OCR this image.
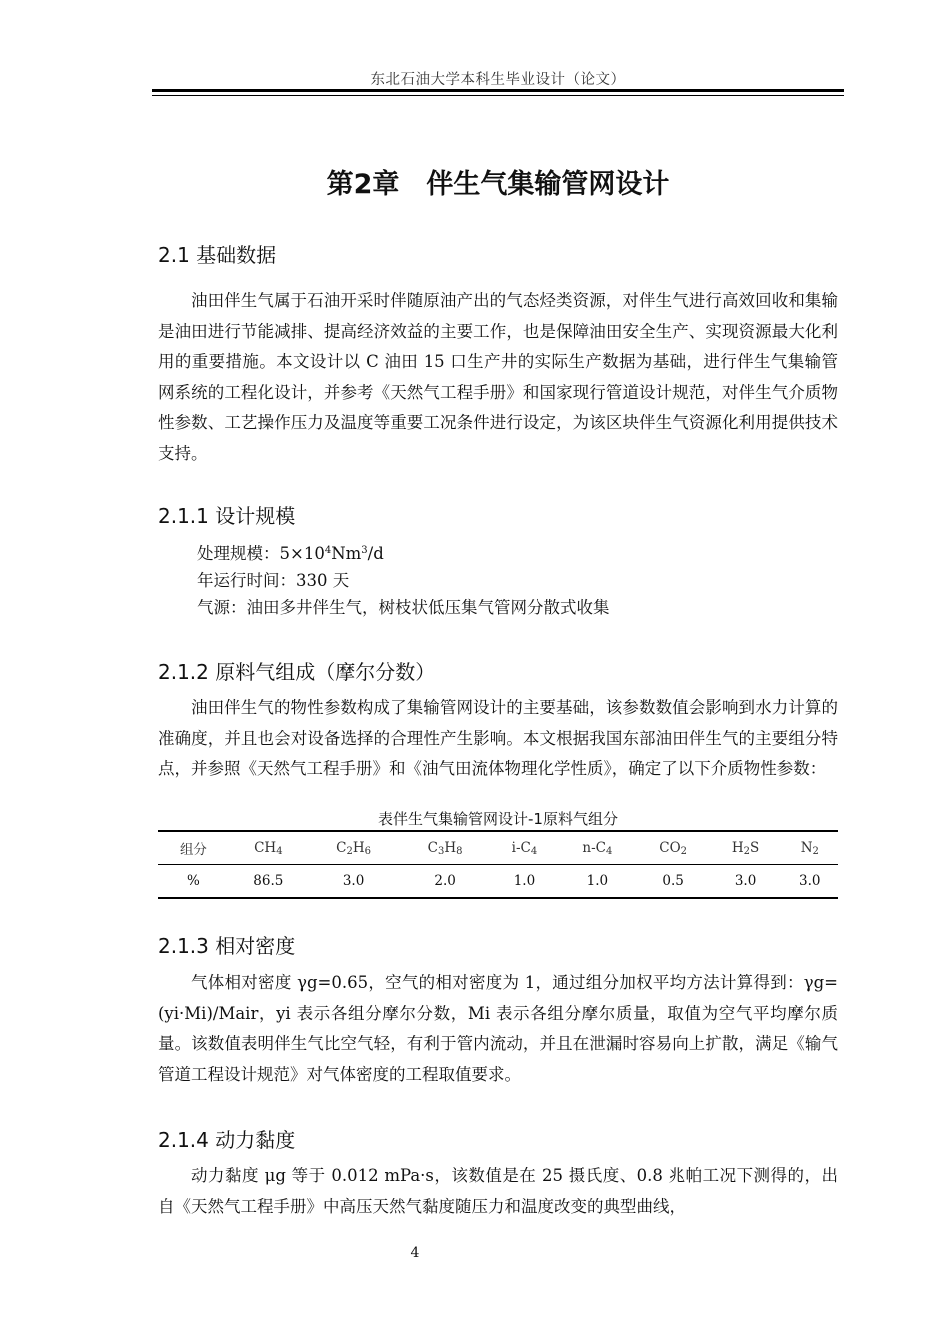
东北石油大学本科生毕业设计（论文）
第2章　伴生气集输管网设计
2.1 基础数据

油田伴生气属于石油开采时伴随原油产出的气态烃类资源，对伴生气进行高效回收和集输是油田进行节能减排、提高经济效益的主要工作，也是保障油田安全生产、实现资源最大化利用的重要措施。本文设计以 C 油田 15 口生产井的实际生产数据为基础，进行伴生气集输管网系统的工程化设计，并参考《天然气工程手册》和国家现行管道设计规范，对伴生气介质物性参数、工艺操作压力及温度等重要工况条件进行设定，为该区块伴生气资源化利用提供技术支持。

2.1.1 设计规模
处理规模：$5\times 10^4Nm^3/d$
年运行时间：330 天
气源：油田多井伴生气，树枝状低压集气管网分散式收集
2.1.2 原料气组成（摩尔分数）

油田伴生气的物性参数构成了集输管网设计的主要基础，该参数数值会影响到水力计算的准确度，并且也会对设备选择的合理性产生影响。本文根据我国东部油田伴生气的主要组分特点，并参照《天然气工程手册》和《油气田流体物理化学性质》，确定了以下介质物性参数：

表伴生气集输管网设计-1原料气组分
组分	$CH_4$	$C_2H_6$	$C_3H_8$	$i-C_4$	$n-C_4$	$CO_2$	$H_2S$	$N_2$
%	86.5	3.0	2.0	1.0	1.0	0.5	3.0	3.0
2.1.3 相对密度

气体相对密度 γg=0.65，空气的相对密度为 1，通过组分加权平均方法计算得到：γg=(yi·Mi)/Mair，yi 表示各组分摩尔分数，Mi 表示各组分摩尔质量，取值为空气平均摩尔质量。该数值表明伴生气比空气轻，有利于管内流动，并且在泄漏时容易向上扩散，满足《输气管道工程设计规范》对气体密度的工程取值要求。

2.1.4 动力黏度

动力黏度 μg 等于 0.012 mPa·s，该数值是在 25 摄氏度、0.8 兆帕工况下测得的，出自《天然气工程手册》中高压天然气黏度随压力和温度改变的典型曲线，

4
